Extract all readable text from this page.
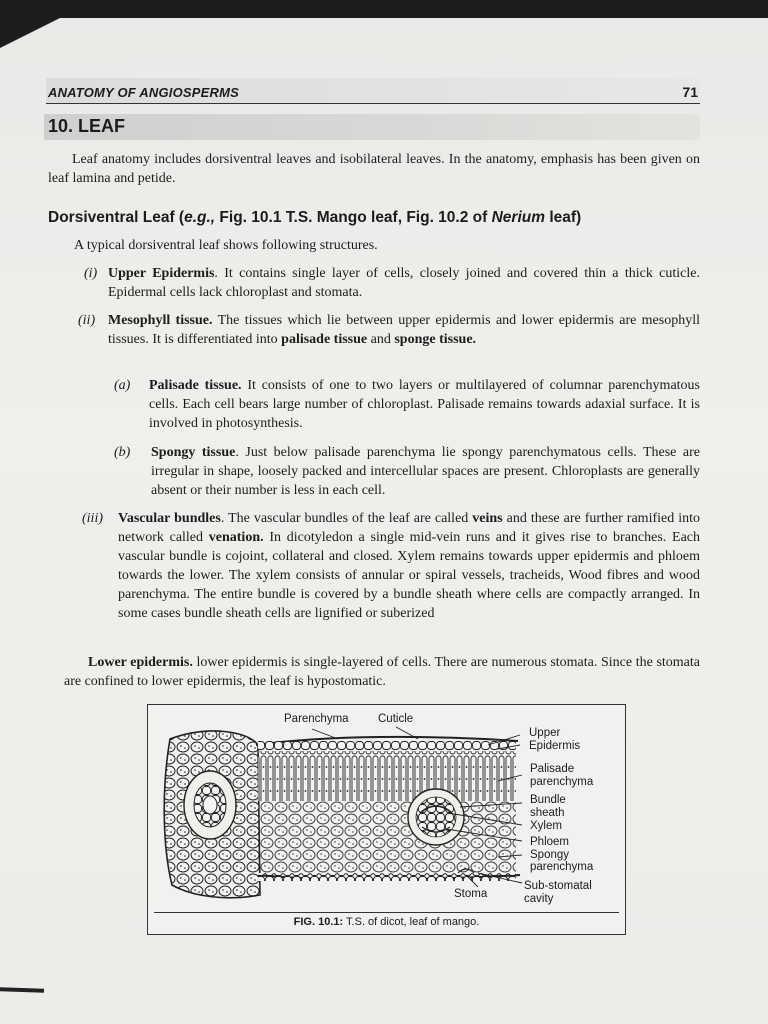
ANATOMY OF ANGIOSPERMS	71
10. LEAF

Leaf anatomy includes dorsiventral leaves and isobilateral leaves. In the anatomy, emphasis has been given on leaf lamina and petide.

Dorsiventral Leaf (e.g., Fig. 10.1 T.S. Mango leaf, Fig. 10.2 of Nerium leaf)

A typical dorsiventral leaf shows following structures.

(i) Upper Epidermis. It contains single layer of cells, closely joined and covered thin a thick cuticle. Epidermal cells lack chloroplast and stomata.
(ii) Mesophyll tissue. The tissues which lie between upper epidermis and lower epidermis are mesophyll tissues. It is differentiated into palisade tissue and sponge tissue.
(a) Palisade tissue. It consists of one to two layers or multilayered of columnar parenchymatous cells. Each cell bears large number of chloroplast. Palisade remains towards adaxial surface. It is involved in photosynthesis.
(b) Spongy tissue. Just below palisade parenchyma lie spongy parenchymatous cells. These are irregular in shape, loosely packed and intercellular spaces are present. Chloroplasts are generally absent or their number is less in each cell.
(iii) Vascular bundles. The vascular bundles of the leaf are called veins and these are further ramified into network called venation. In dicotyledon a single mid-vein runs and it gives rise to branches. Each vascular bundle is cojoint, collateral and closed. Xylem remains towards upper epidermis and phloem towards the lower. The xylem consists of annular or spiral vessels, tracheids, Wood fibres and wood parenchyma. The entire bundle is covered by a bundle sheath where cells are compactly arranged. In some cases bundle sheath cells are lignified or suberized

Lower epidermis. lower epidermis is single-layered of cells. There are numerous stomata. Since the stomata are confined to lower epidermis, the leaf is hypostomatic.

Parenchyma	Cuticle
Upper
Epidermis
Palisade
parenchyma
Bundle
sheath
Xylem
Phloem
Spongy
parenchyma
Stoma
Sub-stomatal
cavity
FIG. 10.1: T.S. of dicot, leaf of mango.
